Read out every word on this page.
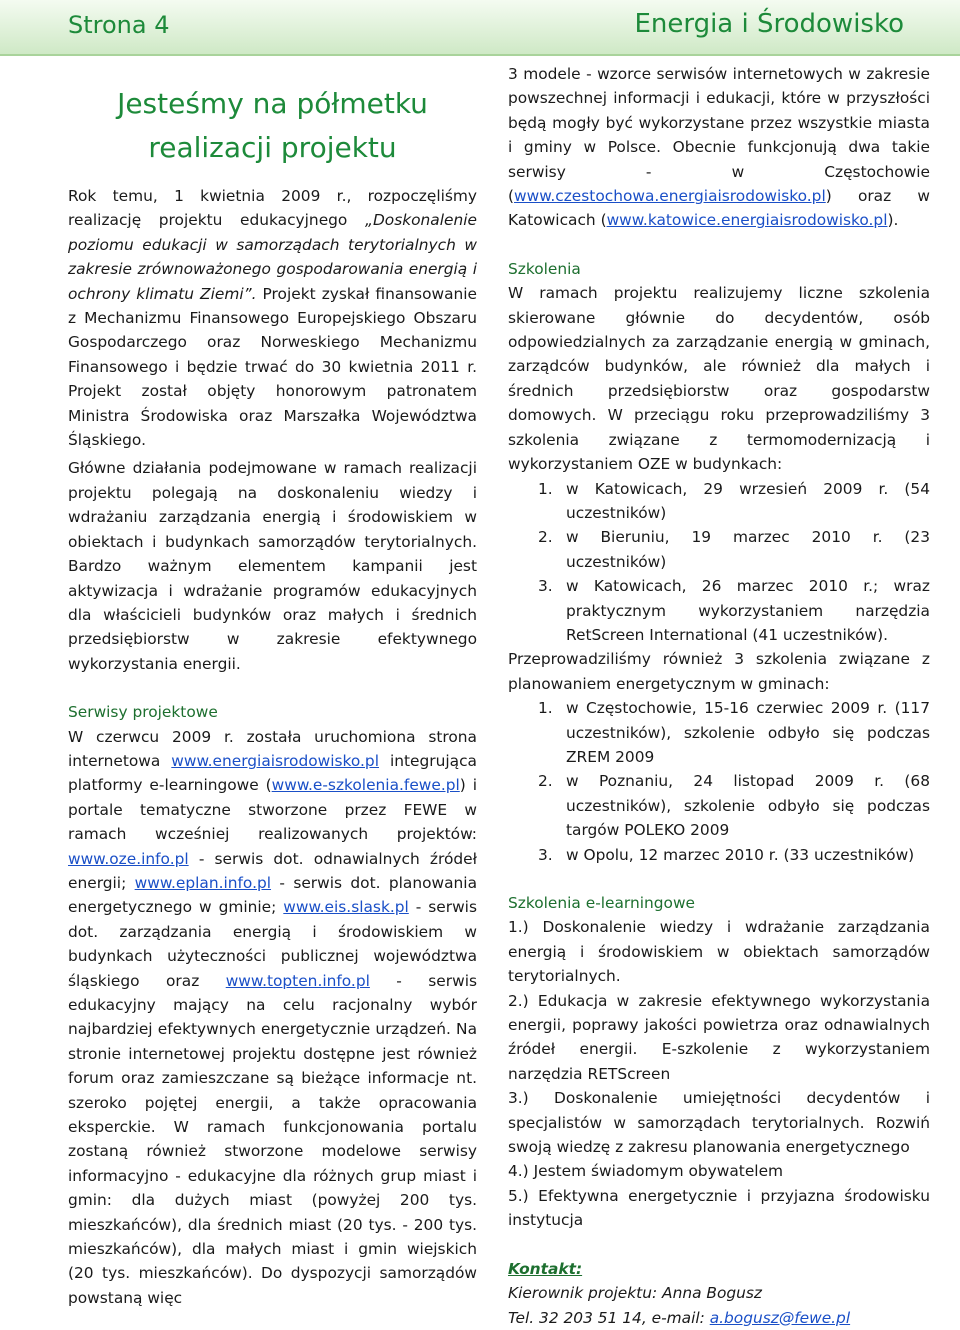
Strona 4	Energia i Środowisko
Jesteśmy na półmetku realizacji projektu

Rok temu, 1 kwietnia 2009 r., rozpoczęliśmy realizację projektu edukacyjnego „Doskonalenie poziomu edukacji w samorządach terytorialnych w zakresie zrównoważonego gospodarowania energią i ochrony klimatu Ziemi”. Projekt zyskał finansowanie z Mechanizmu Finansowego Europejskiego Obszaru Gospodarczego oraz Norweskiego Mechanizmu Finansowego i będzie trwać do 30 kwietnia 2011 r. Projekt został objęty honorowym patronatem Ministra Środowiska oraz Marszałka Województwa Śląskiego.

Główne działania podejmowane w ramach realizacji projektu polegają na doskonaleniu wiedzy i wdrażaniu zarządzania energią i środowiskiem w obiektach i budynkach samorządów terytorialnych. Bardzo ważnym elementem kampanii jest aktywizacja i wdrażanie programów edukacyjnych dla właścicieli budynków oraz małych i średnich przedsiębiorstw w zakresie efektywnego wykorzystania energii.

Serwisy projektowe

W czerwcu 2009 r. została uruchomiona strona internetowa www.energiaisrodowisko.pl integrująca platformy e-learningowe (www.e-szkolenia.fewe.pl) i portale tematyczne stworzone przez FEWE w ramach wcześniej realizowanych projektów: www.oze.info.pl - serwis dot. odnawialnych źródeł energii; www.eplan.info.pl - serwis dot. planowania energetycznego w gminie; www.eis.slask.pl - serwis dot. zarządzania energią i środowiskiem w budynkach użyteczności publicznej województwa śląskiego oraz www.topten.info.pl - serwis edukacyjny mający na celu racjonalny wybór najbardziej efektywnych energetycznie urządzeń. Na stronie internetowej projektu dostępne jest również forum oraz zamieszczane są bieżące informacje nt. szeroko pojętej energii, a także opracowania eksperckie. W ramach funkcjonowania portalu zostaną również stworzone modelowe serwisy informacyjno - edukacyjne dla różnych grup miast i gmin: dla dużych miast (powyżej 200 tys. mieszkańców), dla średnich miast (20 tys. - 200 tys. mieszkańców), dla małych miast i gmin wiejskich (20 tys. mieszkańców). Do dyspozycji samorządów powstaną więc

3 modele - wzorce serwisów internetowych w zakresie powszechnej informacji i edukacji, które w przyszłości będą mogły być wykorzystane przez wszystkie miasta i gminy w Polsce. Obecnie funkcjonują dwa takie serwisy - w Częstochowie (www.czestochowa.energiaisrodowisko.pl) oraz w Katowicach (www.katowice.energiaisrodowisko.pl).

Szkolenia

W ramach projektu realizujemy liczne szkolenia skierowane głównie do decydentów, osób odpowiedzialnych za zarządzanie energią w gminach, zarządców budynków, ale również dla małych i średnich przedsiębiorstw oraz gospodarstw domowych. W przeciągu roku przeprowadziliśmy 3 szkolenia związane z termomodernizacją i wykorzystaniem OZE w budynkach:

1. w Katowicach, 29 wrzesień 2009 r. (54 uczestników)
2. w Bieruniu, 19 marzec 2010 r. (23 uczestników)
3. w Katowicach, 26 marzec 2010 r.; wraz praktycznym wykorzystaniem narzędzia RetScreen International (41 uczestników).

Przeprowadziliśmy również 3 szkolenia związane z planowaniem energetycznym w gminach:

1. w Częstochowie, 15-16 czerwiec 2009 r. (117 uczestników), szkolenie odbyło się podczas ZREM 2009
2. w Poznaniu, 24 listopad 2009 r. (68 uczestników), szkolenie odbyło się podczas targów POLEKO 2009
3. w Opolu, 12 marzec 2010 r. (33 uczestników)

Szkolenia e-learningowe

1.) Doskonalenie wiedzy i wdrażanie zarządzania energią i środowiskiem w obiektach samorządów terytorialnych.

2.) Edukacja w zakresie efektywnego wykorzystania energii, poprawy jakości powietrza oraz odnawialnych źródeł energii. E-szkolenie z wykorzystaniem narzędzia RETScreen

3.) Doskonalenie umiejętności decydentów i specjalistów w samorządach terytorialnych. Rozwiń swoją wiedzę z zakresu planowania energetycznego

4.) Jestem świadomym obywatelem

5.) Efektywna energetycznie i przyjazna środowisku instytucja

Kontakt:

Kierownik projektu: Anna Bogusz

Tel. 32 203 51 14, e-mail: a.bogusz@fewe.pl
